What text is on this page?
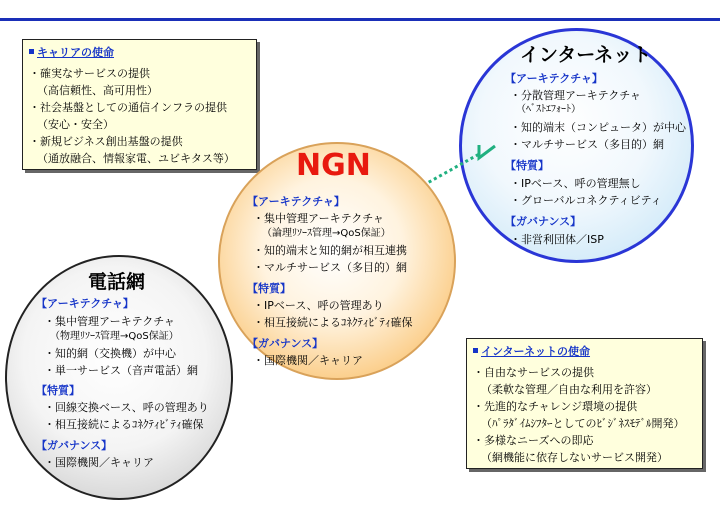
キャリアの使命
・確実なサービスの提供
（高信頼性、高可用性）
・社会基盤としての通信インフラの提供
（安心・安全）
・新規ビジネス創出基盤の提供
（通放融合、情報家電、ユビキタス等）
インターネット
【アーキテクチャ】
・分散管理アーキテクチャ
（ﾍﾞｽﾄｴﾌｫｰﾄ）
・知的端末（コンピュータ）が中心
・マルチサービス（多目的）網
【特質】
・IPベース、呼の管理無し
・グローバルコネクティビティ
【ガバナンス】
・非営利団体／ISP
NGN
【アーキテクチャ】
・集中管理アーキテクチャ
（論理ﾘｿｰｽ管理→QoS保証）
・知的端末と知的網が相互連携
・マルチサービス（多目的）網
【特質】
・IPベース、呼の管理あり
・相互接続によるｺﾈｸﾃｨﾋﾞﾃｨ確保
【ガバナンス】
・国際機関／キャリア
電話網
【アーキテクチャ】
・集中管理アーキテクチャ
（物理ﾘｿｰｽ管理→QoS保証）
・知的網（交換機）が中心
・単一サービス（音声電話）網
【特質】
・回線交換ベース、呼の管理あり
・相互接続によるｺﾈｸﾃｨﾋﾞﾃｨ確保
【ガバナンス】
・国際機関／キャリア
インターネットの使命
・自由なサービスの提供
（柔軟な管理／自由な利用を許容）
・先進的なチャレンジ環境の提供
（ﾊﾟﾗﾀﾞｲﾑｼﾌﾀｰとしてのﾋﾞｼﾞﾈｽﾓﾃﾞﾙ開発）
・多様なニーズへの即応
（網機能に依存しないサービス開発）
